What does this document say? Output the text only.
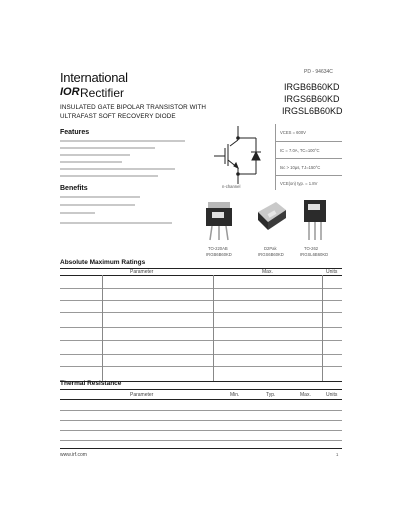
PD - 94634C
International
IOR Rectifier	IRGB6B60KD
IRGS6B60KD
IRGSL6B60KD
INSULATED GATE BIPOLAR TRANSISTOR WITH
ULTRAFAST SOFT RECOVERY DIODE
Features
Benefits	n-channel
VCES = 600V
IC = 7.0A, TC=100°C
tsc > 10µs, TJ=150°C
VCE(on) typ. = 1.8V
TO-220AB
IRGB6B60KD
D2Pak
IRGS6B60KD
TO-262
IRGSL6B60KD
Absolute Maximum Ratings
Parameter	Max.	Units
Thermal Resistance
Parameter	Min.	Typ.	Max.	Units
www.irf.com	1
